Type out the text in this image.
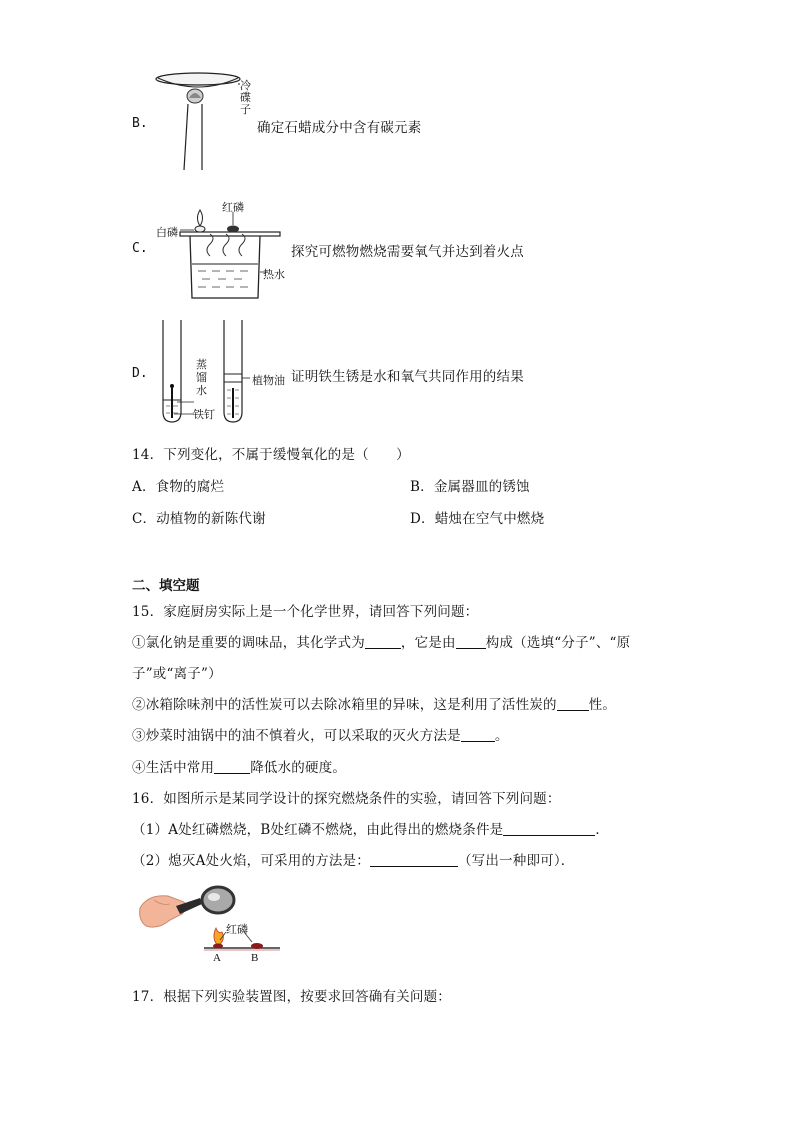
B.
冷碟子
确定石蜡成分中含有碳元素
C.
红磷
白磷
热水
探究可燃物燃烧需要氧气并达到着火点
D.
蒸馏水
植物油
铁钉
证明铁生锈是水和氧气共同作用的结果
14．下列变化，不属于缓慢氧化的是（　　）
A．食物的腐烂	B．金属器皿的锈蚀
C．动植物的新陈代谢	D．蜡烛在空气中燃烧
二、填空题
15．家庭厨房实际上是一个化学世界，请回答下列问题：
①氯化钠是重要的调味品，其化学式为	，它是由 构成（选填“分子”、“原
子”或“离子”）
②冰箱除味剂中的活性炭可以去除冰箱里的异味，这是利用了活性炭的 性。
③炒菜时油锅中的油不慎着火，可以采取的灭火方法是	。
④生活中常用	降低水的硬度。
16．如图所示是某同学设计的探究燃烧条件的实验，请回答下列问题：
（1）A处红磷燃烧，B处红磷不燃烧，由此得出的燃烧条件是	．
（2）熄灭A处火焰，可采用的方法是：	（写出一种即可）．
红磷
A	B
17．根据下列实验装置图，按要求回答确有关问题：
